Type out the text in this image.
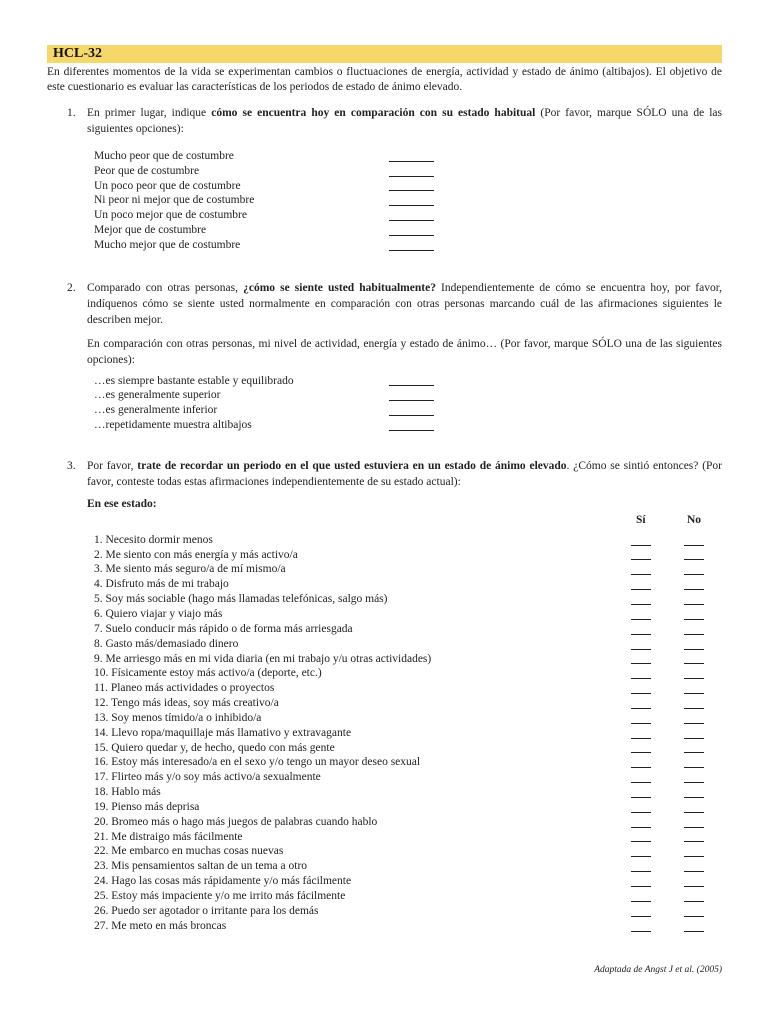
HCL-32
En diferentes momentos de la vida se experimentan cambios o fluctuaciones de energía, actividad y estado de ánimo (altibajos). El objetivo de este cuestionario es evaluar las características de los periodos de estado de ánimo elevado.
1. En primer lugar, indique cómo se encuentra hoy en comparación con su estado habitual (Por favor, marque SÓLO una de las siguientes opciones):
Mucho peor que de costumbre
Peor que de costumbre
Un poco peor que de costumbre
Ni peor ni mejor que de costumbre
Un poco mejor que de costumbre
Mejor que de costumbre
Mucho mejor que de costumbre
2. Comparado con otras personas, ¿cómo se siente usted habitualmente? Independientemente de cómo se encuentra hoy, por favor, indíquenos cómo se siente usted normalmente en comparación con otras personas marcando cuál de las afirmaciones siguientes le describen mejor.
En comparación con otras personas, mi nivel de actividad, energía y estado de ánimo… (Por favor, marque SÓLO una de las siguientes opciones):
…es siempre bastante estable y equilibrado
…es generalmente superior
…es generalmente inferior
…repetidamente muestra altibajos
3. Por favor, trate de recordar un periodo en el que usted estuviera en un estado de ánimo elevado. ¿Cómo se sintió entonces? (Por favor, conteste todas estas afirmaciones independientemente de su estado actual):
En ese estado:
Sí	No
1. Necesito dormir menos
2. Me siento con más energía y más activo/a
3. Me siento más seguro/a de mí mismo/a
4. Disfruto más de mi trabajo
5. Soy más sociable (hago más llamadas telefónicas, salgo más)
6. Quiero viajar y viajo más
7. Suelo conducir más rápido o de forma más arriesgada
8. Gasto más/demasiado dinero
9. Me arriesgo más en mi vida diaria (en mi trabajo y/u otras actividades)
10. Físicamente estoy más activo/a (deporte, etc.)
11. Planeo más actividades o proyectos
12. Tengo más ideas, soy más creativo/a
13. Soy menos tímido/a o inhibido/a
14. Llevo ropa/maquillaje más llamativo y extravagante
15. Quiero quedar y, de hecho, quedo con más gente
16. Estoy más interesado/a en el sexo y/o tengo un mayor deseo sexual
17. Flirteo más y/o soy más activo/a sexualmente
18. Hablo más
19. Pienso más deprisa
20. Bromeo más o hago más juegos de palabras cuando hablo
21. Me distraigo más fácilmente
22. Me embarco en muchas cosas nuevas
23. Mis pensamientos saltan de un tema a otro
24. Hago las cosas más rápidamente y/o más fácilmente
25. Estoy más impaciente y/o me irrito más fácilmente
26. Puedo ser agotador o irritante para los demás
27. Me meto en más broncas
Adaptada de Angst J et al. (2005)
